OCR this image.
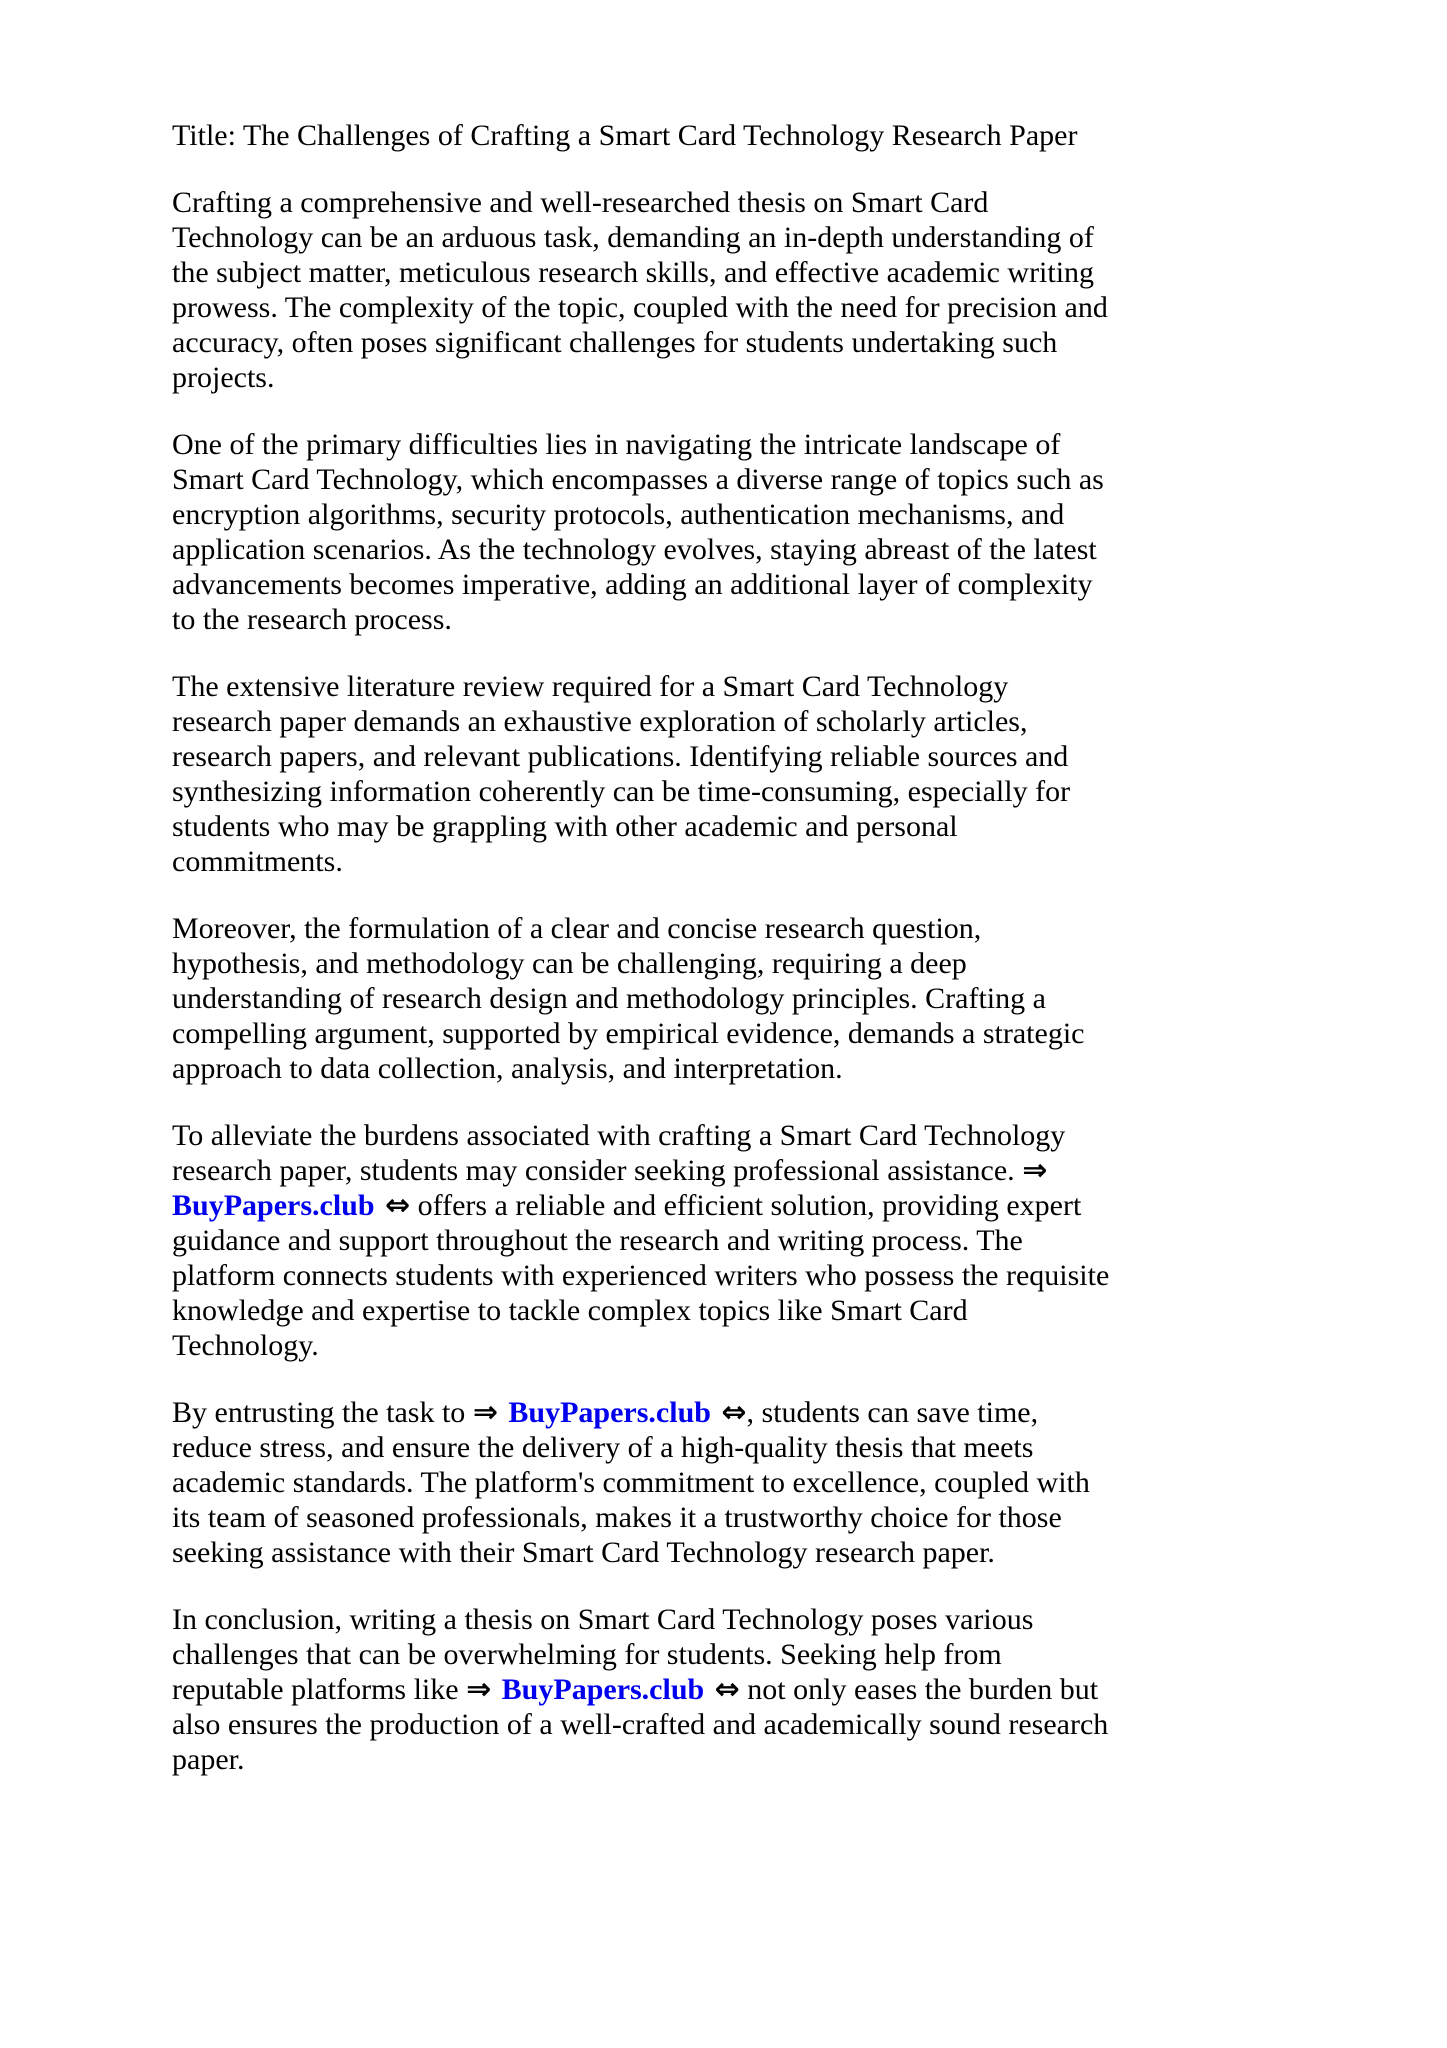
Title: The Challenges of Crafting a Smart Card Technology Research Paper

Crafting a comprehensive and well-researched thesis on Smart Card Technology can be an arduous task, demanding an in-depth understanding of the subject matter, meticulous research skills, and effective academic writing prowess. The complexity of the topic, coupled with the need for precision and accuracy, often poses significant challenges for students undertaking such projects.

One of the primary difficulties lies in navigating the intricate landscape of Smart Card Technology, which encompasses a diverse range of topics such as encryption algorithms, security protocols, authentication mechanisms, and application scenarios. As the technology evolves, staying abreast of the latest advancements becomes imperative, adding an additional layer of complexity to the research process.

The extensive literature review required for a Smart Card Technology research paper demands an exhaustive exploration of scholarly articles, research papers, and relevant publications. Identifying reliable sources and synthesizing information coherently can be time-consuming, especially for students who may be grappling with other academic and personal commitments.

Moreover, the formulation of a clear and concise research question, hypothesis, and methodology can be challenging, requiring a deep understanding of research design and methodology principles. Crafting a compelling argument, supported by empirical evidence, demands a strategic approach to data collection, analysis, and interpretation.

To alleviate the burdens associated with crafting a Smart Card Technology research paper, students may consider seeking professional assistance. ⇒ BuyPapers.club ⇔ offers a reliable and efficient solution, providing expert guidance and support throughout the research and writing process. The platform connects students with experienced writers who possess the requisite knowledge and expertise to tackle complex topics like Smart Card Technology.

By entrusting the task to ⇒ BuyPapers.club ⇔, students can save time, reduce stress, and ensure the delivery of a high-quality thesis that meets academic standards. The platform's commitment to excellence, coupled with its team of seasoned professionals, makes it a trustworthy choice for those seeking assistance with their Smart Card Technology research paper.

In conclusion, writing a thesis on Smart Card Technology poses various challenges that can be overwhelming for students. Seeking help from reputable platforms like ⇒ BuyPapers.club ⇔ not only eases the burden but also ensures the production of a well-crafted and academically sound research paper.
